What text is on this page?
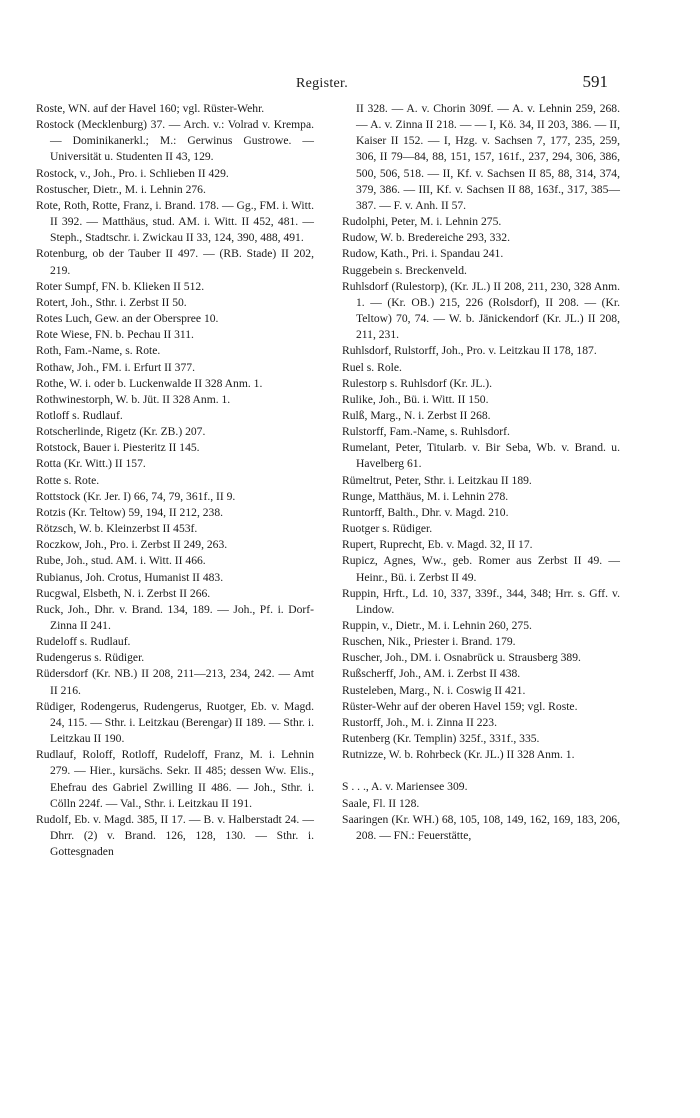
Register.	591

Roste, WN. auf der Havel 160; vgl. Rüster-Wehr.

Rostock (Mecklenburg) 37. — Arch. v.: Volrad v. Krempa. — Dominikanerkl.; M.: Gerwinus Gustrowe. — Universität u. Studenten II 43, 129.

Rostock, v., Joh., Pro. i. Schlieben II 429.

Rostuscher, Dietr., M. i. Lehnin 276.

Rote, Roth, Rotte, Franz, i. Brand. 178. — Gg., FM. i. Witt. II 392. — Matthäus, stud. AM. i. Witt. II 452, 481. — Steph., Stadtschr. i. Zwickau II 33, 124, 390, 488, 491.

Rotenburg, ob der Tauber II 497. — (RB. Stade) II 202, 219.

Roter Sumpf, FN. b. Klieken II 512.

Rotert, Joh., Sthr. i. Zerbst II 50.

Rotes Luch, Gew. an der Oberspree 10.

Rote Wiese, FN. b. Pechau II 311.

Roth, Fam.-Name, s. Rote.

Rothaw, Joh., FM. i. Erfurt II 377.

Rothe, W. i. oder b. Luckenwalde II 328 Anm. 1.

Rothwinestorph, W. b. Jüt. II 328 Anm. 1.

Rotloff s. Rudlauf.

Rotscherlinde, Rigetz (Kr. ZB.) 207.

Rotstock, Bauer i. Piesteritz II 145.

Rotta (Kr. Witt.) II 157.

Rotte s. Rote.

Rottstock (Kr. Jer. I) 66, 74, 79, 361f., II 9.

Rotzis (Kr. Teltow) 59, 194, II 212, 238.

Rötzsch, W. b. Kleinzerbst II 453f.

Roczkow, Joh., Pro. i. Zerbst II 249, 263.

Rube, Joh., stud. AM. i. Witt. II 466.

Rubianus, Joh. Crotus, Humanist II 483.

Rucgwal, Elsbeth, N. i. Zerbst II 266.

Ruck, Joh., Dhr. v. Brand. 134, 189. — Joh., Pf. i. Dorf-Zinna II 241.

Rudeloff s. Rudlauf.

Rudengerus s. Rüdiger.

Rüdersdorf (Kr. NB.) II 208, 211—213, 234, 242. — Amt II 216.

Rüdiger, Rodengerus, Rudengerus, Ruotger, Eb. v. Magd. 24, 115. — Sthr. i. Leitzkau (Berengar) II 189. — Sthr. i. Leitzkau II 190.

Rudlauf, Roloff, Rotloff, Rudeloff, Franz, M. i. Lehnin 279. — Hier., kursächs. Sekr. II 485; dessen Ww. Elis., Ehefrau des Gabriel Zwilling II 486. — Joh., Sthr. i. Cölln 224f. — Val., Sthr. i. Leitzkau II 191.

Rudolf, Eb. v. Magd. 385, II 17. — B. v. Halberstadt 24. — Dhrr. (2) v. Brand. 126, 128, 130. — Sthr. i. Gottesgnaden

II 328. — A. v. Chorin 309f. — A. v. Lehnin 259, 268. — A. v. Zinna II 218. — — I, Kö. 34, II 203, 386. — II, Kaiser II 152. — I, Hzg. v. Sachsen 7, 177, 235, 259, 306, II 79—84, 88, 151, 157, 161f., 237, 294, 306, 386, 500, 506, 518. — II, Kf. v. Sachsen II 85, 88, 314, 374, 379, 386. — III, Kf. v. Sachsen II 88, 163f., 317, 385—387. — F. v. Anh. II 57.

Rudolphi, Peter, M. i. Lehnin 275.

Rudow, W. b. Bredereiche 293, 332.

Rudow, Kath., Pri. i. Spandau 241.

Ruggebein s. Breckenveld.

Ruhlsdorf (Rulestorp), (Kr. JL.) II 208, 211, 230, 328 Anm. 1. — (Kr. OB.) 215, 226 (Rolsdorf), II 208. — (Kr. Teltow) 70, 74. — W. b. Jänickendorf (Kr. JL.) II 208, 211, 231.

Ruhlsdorf, Rulstorff, Joh., Pro. v. Leitzkau II 178, 187.

Ruel s. Role.

Rulestorp s. Ruhlsdorf (Kr. JL.).

Rulike, Joh., Bü. i. Witt. II 150.

Rulß, Marg., N. i. Zerbst II 268.

Rulstorff, Fam.-Name, s. Ruhlsdorf.

Rumelant, Peter, Titularb. v. Bir Seba, Wb. v. Brand. u. Havelberg 61.

Rümeltrut, Peter, Sthr. i. Leitzkau II 189.

Runge, Matthäus, M. i. Lehnin 278.

Runtorff, Balth., Dhr. v. Magd. 210.

Ruotger s. Rüdiger.

Rupert, Ruprecht, Eb. v. Magd. 32, II 17.

Rupicz, Agnes, Ww., geb. Romer aus Zerbst II 49. — Heinr., Bü. i. Zerbst II 49.

Ruppin, Hrft., Ld. 10, 337, 339f., 344, 348; Hrr. s. Gff. v. Lindow.

Ruppin, v., Dietr., M. i. Lehnin 260, 275.

Ruschen, Nik., Priester i. Brand. 179.

Ruscher, Joh., DM. i. Osnabrück u. Strausberg 389.

Rußscherff, Joh., AM. i. Zerbst II 438.

Rusteleben, Marg., N. i. Coswig II 421.

Rüster-Wehr auf der oberen Havel 159; vgl. Roste.

Rustorff, Joh., M. i. Zinna II 223.

Rutenberg (Kr. Templin) 325f., 331f., 335.

Rutnizze, W. b. Rohrbeck (Kr. JL.) II 328 Anm. 1.

S . . ., A. v. Mariensee 309.

Saale, Fl. II 128.

Saaringen (Kr. WH.) 68, 105, 108, 149, 162, 169, 183, 206, 208. — FN.: Feuerstätte,
